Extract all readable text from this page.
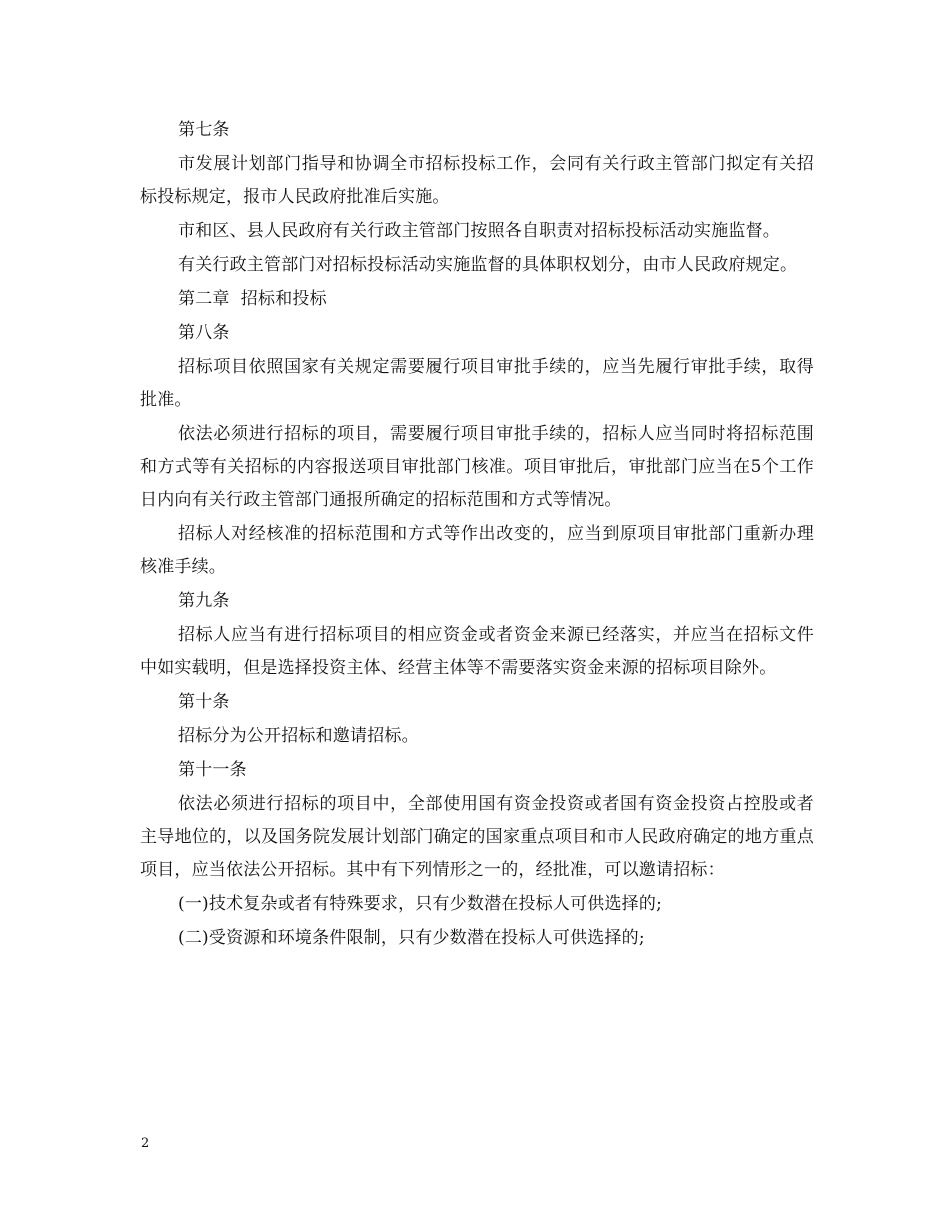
第七条

市发展计划部门指导和协调全市招标投标工作，会同有关行政主管部门拟定有关招标投标规定，报市人民政府批准后实施。

市和区、县人民政府有关行政主管部门按照各自职责对招标投标活动实施监督。

有关行政主管部门对招标投标活动实施监督的具体职权划分，由市人民政府规定。

第二章  招标和投标

第八条

招标项目依照国家有关规定需要履行项目审批手续的，应当先履行审批手续，取得批准。

依法必须进行招标的项目，需要履行项目审批手续的，招标人应当同时将招标范围和方式等有关招标的内容报送项目审批部门核准。项目审批后，审批部门应当在5个工作日内向有关行政主管部门通报所确定的招标范围和方式等情况。

招标人对经核准的招标范围和方式等作出改变的，应当到原项目审批部门重新办理核准手续。

第九条

招标人应当有进行招标项目的相应资金或者资金来源已经落实，并应当在招标文件中如实载明，但是选择投资主体、经营主体等不需要落实资金来源的招标项目除外。

第十条

招标分为公开招标和邀请招标。

第十一条

依法必须进行招标的项目中，全部使用国有资金投资或者国有资金投资占控股或者主导地位的，以及国务院发展计划部门确定的国家重点项目和市人民政府确定的地方重点项目，应当依法公开招标。其中有下列情形之一的，经批准，可以邀请招标：

(一)技术复杂或者有特殊要求，只有少数潜在投标人可供选择的;

(二)受资源和环境条件限制，只有少数潜在投标人可供选择的;

2
